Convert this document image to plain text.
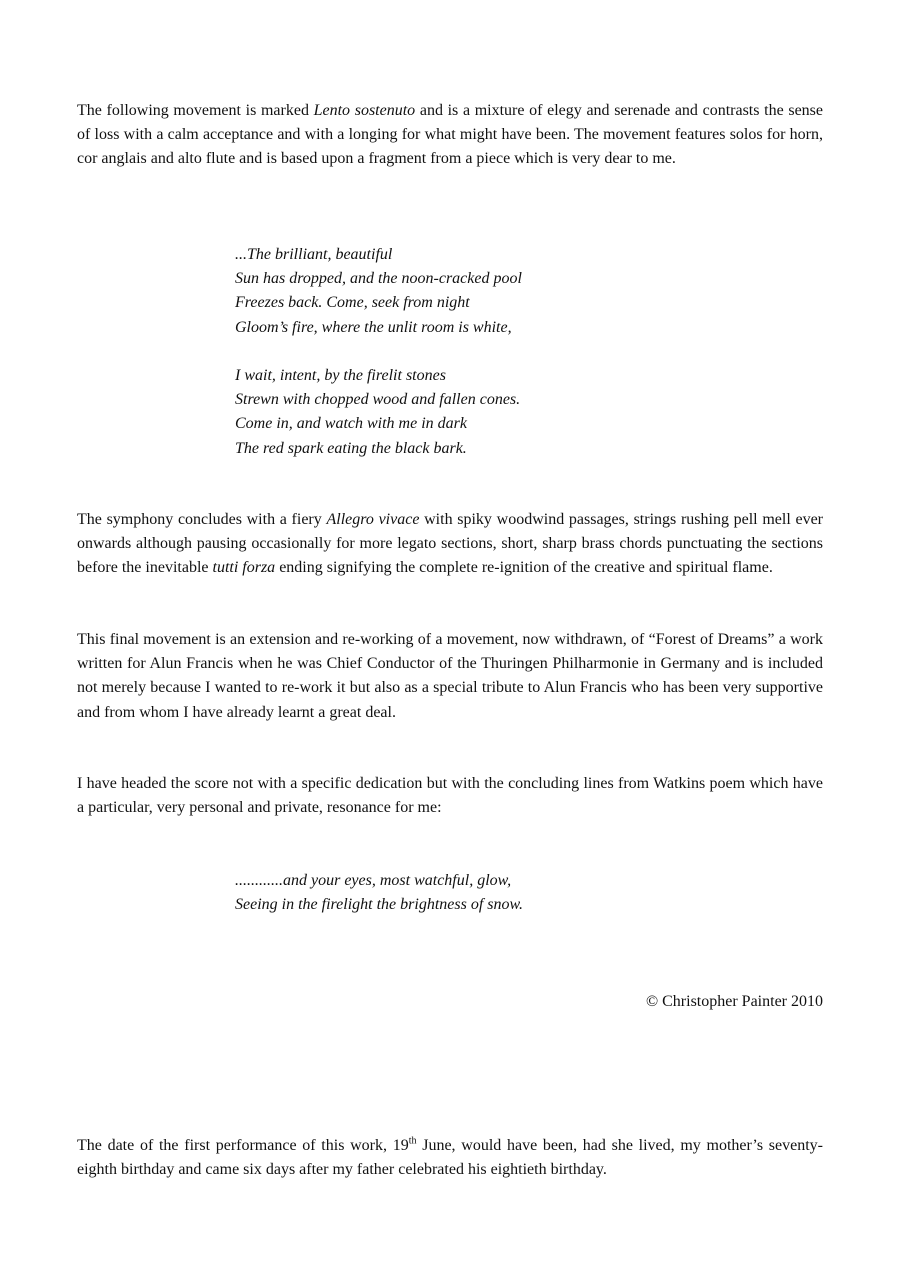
The following movement is marked Lento sostenuto and is a mixture of elegy and serenade and contrasts the sense of loss with a calm acceptance and with a longing for what might have been. The movement features solos for horn, cor anglais and alto flute and is based upon a fragment from a piece which is very dear to me.

...The brilliant, beautiful
Sun has dropped, and the noon-cracked pool
Freezes back. Come, seek from night
Gloom’s fire, where the unlit room is white,
I wait, intent, by the firelit stones
Strewn with chopped wood and fallen cones.
Come in, and watch with me in dark
The red spark eating the black bark.

The symphony concludes with a fiery Allegro vivace with spiky woodwind passages, strings rushing pell mell ever onwards although pausing occasionally for more legato sections, short, sharp brass chords punctuating the sections before the inevitable tutti forza ending signifying the complete re-ignition of the creative and spiritual flame.

This final movement is an extension and re-working of a movement, now withdrawn, of “Forest of Dreams” a work written for Alun Francis when he was Chief Conductor of the Thuringen Philharmonie in Germany and is included not merely because I wanted to re-work it but also as a special tribute to Alun Francis who has been very supportive and from whom I have already learnt a great deal.

I have headed the score not with a specific dedication but with the concluding lines from Watkins poem which have a particular, very personal and private, resonance for me:

............and your eyes, most watchful, glow,
Seeing in the firelight the brightness of snow.
© Christopher Painter 2010

The date of the first performance of this work, 19th June, would have been, had she lived, my mother’s seventy-eighth birthday and came six days after my father celebrated his eightieth birthday.
